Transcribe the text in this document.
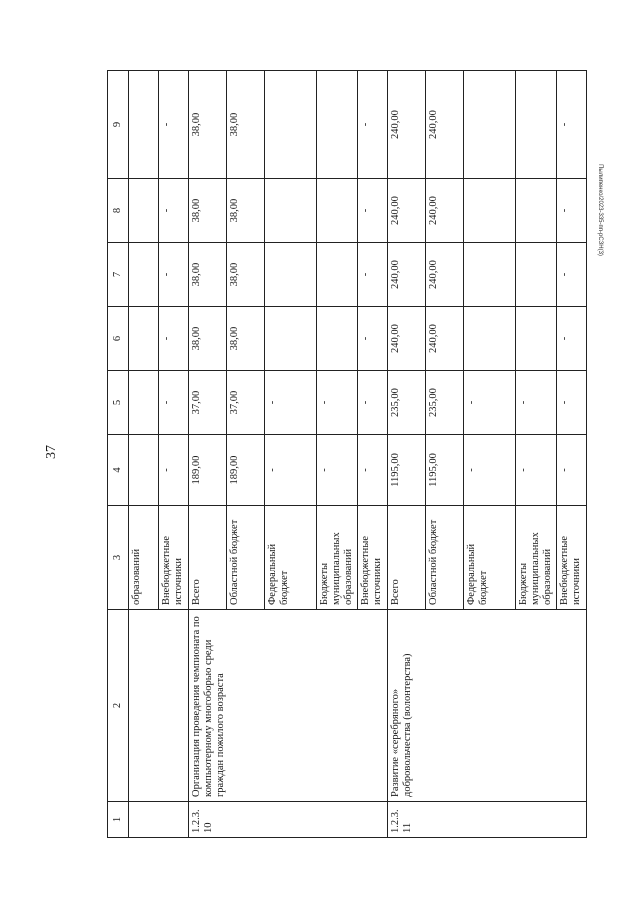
37
Пылипенко/2023-335-пп-рСЗН(3)
1	2	3	4	5	6	7	8	9
		образований						
		Внебюджетные источники	-	-	-	-	-	-
1.2.3. 10	Организация проведения чемпионата по компьютерному многоборью среди граждан пожилого возраста	Всего	189,00	37,00	38,00	38,00	38,00	38,00
		Областной бюджет	189,00	37,00	38,00	38,00	38,00	38,00
		Федеральный бюджет	-	-				
		Бюджеты муниципальных образований	-	-				
		Внебюджетные источники	-	-	-	-	-	-
1.2.3. 11	Развитие «серебряного» добровольчества (волонтерства)	Всего	1195,00	235,00	240,00	240,00	240,00	240,00
		Областной бюджет	1195,00	235,00	240,00	240,00	240,00	240,00
		Федеральный бюджет	-	-				
		Бюджеты муниципальных образований	-	-				
		Внебюджетные источники	-	-	-	-	-	-
